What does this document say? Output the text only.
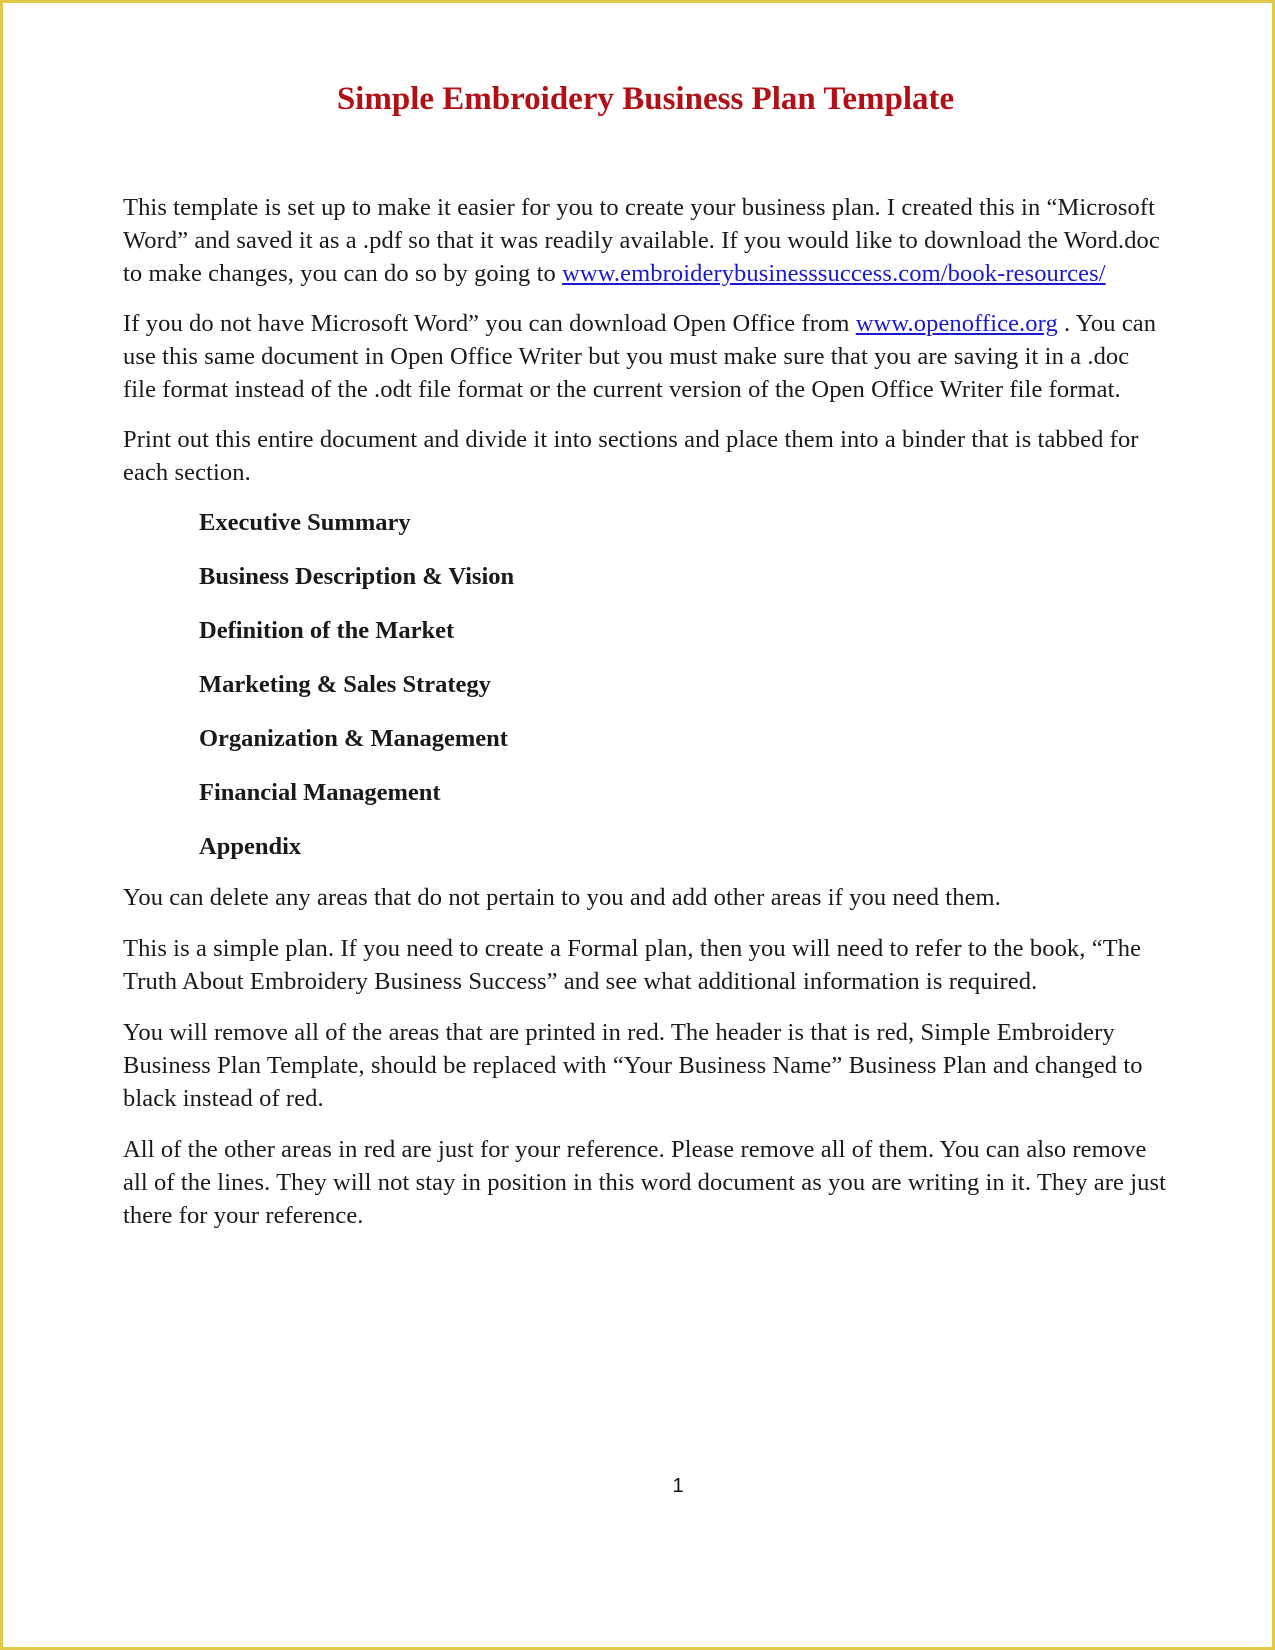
Simple Embroidery Business Plan Template

This template is set up to make it easier for you to create your business plan. I created this in “Microsoft Word” and saved it as a .pdf so that it was readily available. If you would like to download the Word.doc to make changes, you can do so by going to www.embroiderybusinesssuccess.com/book-resources/

If you do not have Microsoft Word” you can download Open Office from www.openoffice.org . You can use this same document in Open Office Writer but you must make sure that you are saving it in a .doc file format instead of the .odt file format or the current version of the Open Office Writer file format.

Print out this entire document and divide it into sections and place them into a binder that is tabbed for each section.

Executive Summary
Business Description & Vision
Definition of the Market
Marketing & Sales Strategy
Organization & Management
Financial Management
Appendix

You can delete any areas that do not pertain to you and add other areas if you need them.

This is a simple plan. If you need to create a Formal plan, then you will need to refer to the book, “The Truth About Embroidery Business Success” and see what additional information is required.

You will remove all of the areas that are printed in red. The header is that is red, Simple Embroidery Business Plan Template, should be replaced with “Your Business Name” Business Plan and changed to black instead of red.

All of the other areas in red are just for your reference. Please remove all of them. You can also remove all of the lines. They will not stay in position in this word document as you are writing in it. They are just there for your reference.

1
